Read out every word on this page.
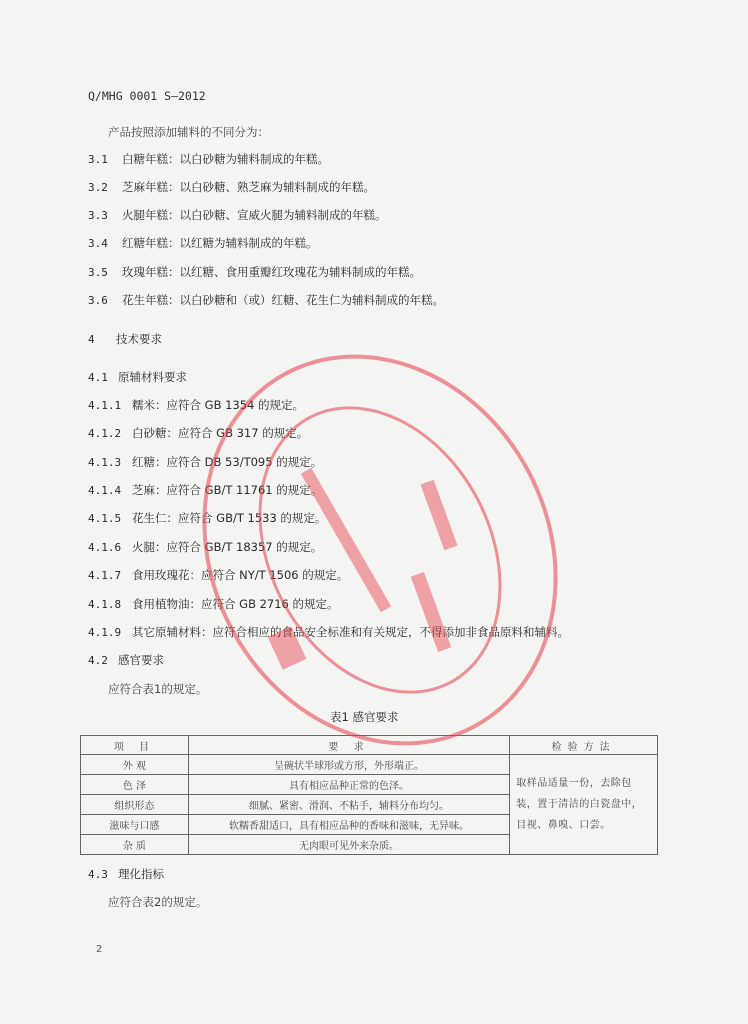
Q/MHG 0001 S—2012
产品按照添加辅料的不同分为：
3.1 白糖年糕：以白砂糖为辅料制成的年糕。
3.2 芝麻年糕：以白砂糖、熟芝麻为辅料制成的年糕。
3.3 火腿年糕：以白砂糖、宣威火腿为辅料制成的年糕。
3.4 红糖年糕：以红糖为辅料制成的年糕。
3.5 玫瑰年糕：以红糖、食用重瓣红玫瑰花为辅料制成的年糕。
3.6 花生年糕：以白砂糖和（或）红糖、花生仁为辅料制成的年糕。
4 技术要求
4.1 原辅材料要求
4.1.1 糯米：应符合 GB 1354 的规定。
4.1.2 白砂糖：应符合 GB 317 的规定。
4.1.3 红糖：应符合 DB 53/T095 的规定。
4.1.4 芝麻：应符合 GB/T 11761 的规定。
4.1.5 花生仁：应符合 GB/T 1533 的规定。
4.1.6 火腿：应符合 GB/T 18357 的规定。
4.1.7 食用玫瑰花：应符合 NY/T 1506 的规定。
4.1.8 食用植物油：应符合 GB 2716 的规定。
4.1.9 其它原辅材料：应符合相应的食品安全标准和有关规定，不得添加非食品原料和辅料。
4.2 感官要求
应符合表1的规定。
表1 感官要求
项 目	要 求	检验方法
外 观	呈碗状半球形或方形，外形端正。	取样品适量一份，去除包装，置于清洁的白瓷盘中，目视、鼻嗅、口尝。
色 泽	具有相应品种正常的色泽。	
组织形态	细腻、紧密、滑润、不粘手，辅料分布均匀。	
滋味与口感	软糯香甜适口，具有相应品种的香味和滋味，无异味。	
杂 质	无肉眼可见外来杂质。	
4.3 理化指标
应符合表2的规定。
2
